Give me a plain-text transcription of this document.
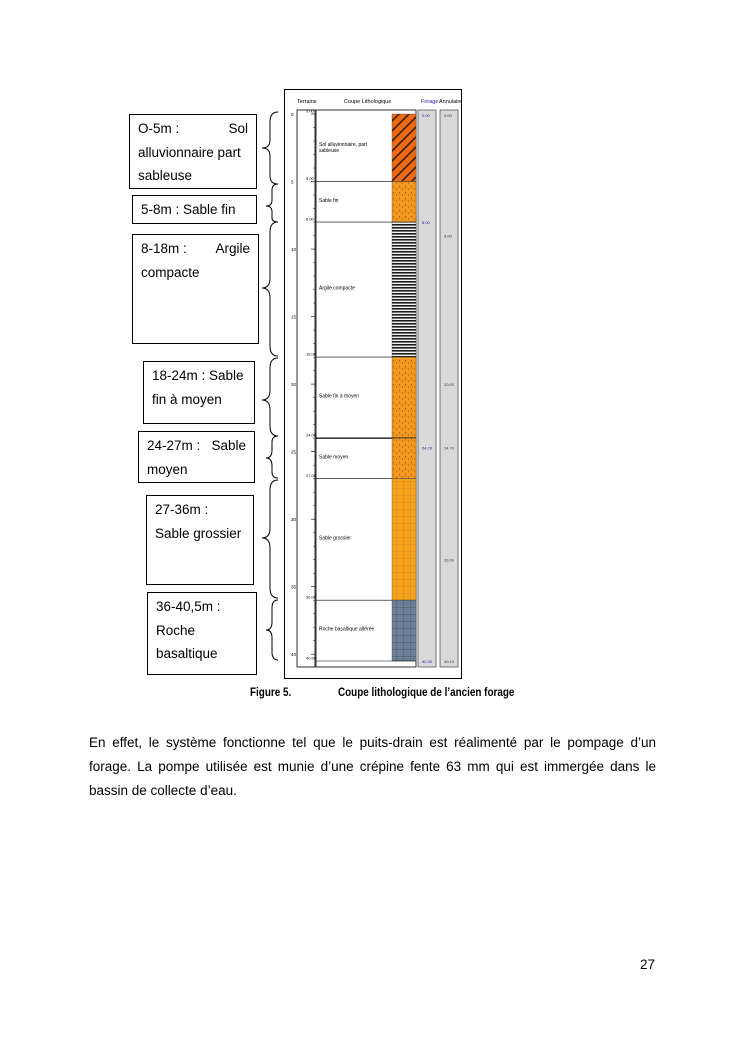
O-5m :	Sol
alluvionnaire part
sableuse
5-8m : Sable fin
8-18m : Argile
compacte
18-24m : Sable
fin à moyen
24-27m : Sable
moyen
27-36m :
Sable grossier
36-40,5m :
Roche
basaltique
Terrains	Coupe Lithologique	Forage Annulaire
0
5
10
15
20
25
30
35
40
Sol alluvionnaire, part sableuse
Sable fin
Argile compacte
Sable fin à moyen
Sable moyen
Sable grossier
Roche basaltique altérée
0.00
5.00
8.00
18.00
24.00
27.00
36.00
40.50
0.00
8.00
24.70
40.30
0.00
9.00
20.00
24.70
33.00
40.10
Figure 5.	Coupe lithologique de l’ancien forage

En effet, le système fonctionne tel que le puits-drain est réalimenté par le pompage d’un forage. La pompe utilisée est munie d’une crépine fente 63 mm qui est immergée dans le bassin de collecte d’eau.

27
